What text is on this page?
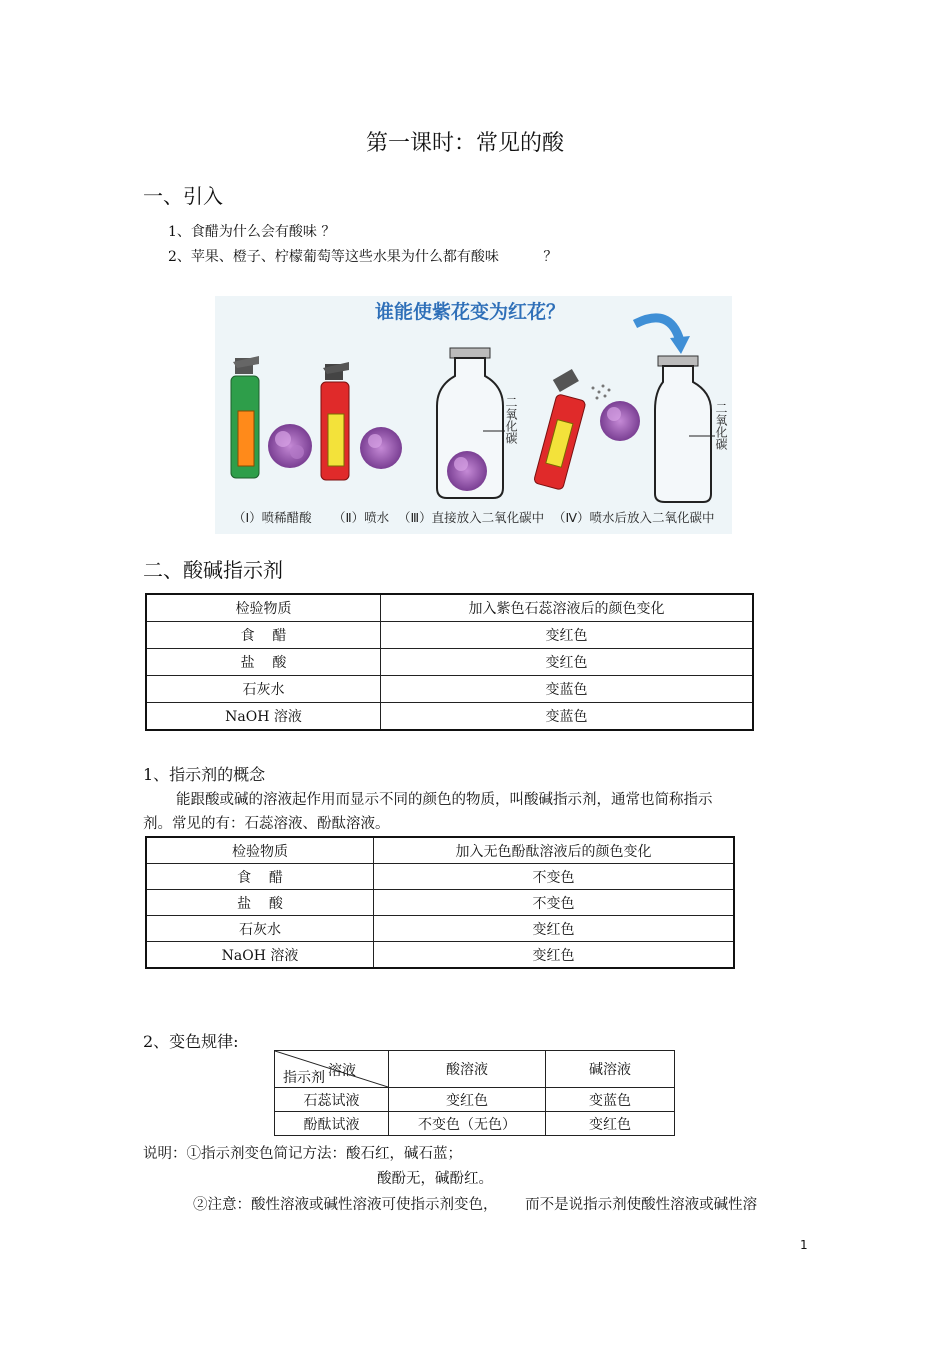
第一课时：常见的酸
一、引入
1、食醋为什么会有酸味 ？
2、苹果、橙子、柠檬葡萄等这些水果为什么都有酸味          ？
谁能使紫花变为红花？
二氧化碳	二氧化碳
（Ⅰ）喷稀醋酸 （Ⅱ）喷水 （Ⅲ）直接放入二氧化碳中 （Ⅳ）喷水后放入二氧化碳中
二、酸碱指示剂
检验物质	加入紫色石蕊溶液后的颜色变化
食    醋	变红色
盐    酸	变红色
石灰水	变蓝色
NaOH 溶液	变蓝色
1、指示剂的概念
能跟酸或碱的溶液起作用而显示不同的颜色的物质，叫酸碱指示剂，通常也简称指示
剂。常见的有：石蕊溶液、酚酞溶液。
检验物质	加入无色酚酞溶液后的颜色变化
食    醋	不变色
盐    酸	不变色
石灰水	变红色
NaOH 溶液	变红色
2、变色规律:
溶液
指示剂	酸溶液	碱溶液
石蕊试液	变红色	变蓝色
酚酞试液	不变色（无色）	变红色
说明：①指示剂变色简记方法：酸石红，碱石蓝；
酸酚无，碱酚红。
②注意：酸性溶液或碱性溶液可使指示剂变色，      而不是说指示剂使酸性溶液或碱性溶
1
